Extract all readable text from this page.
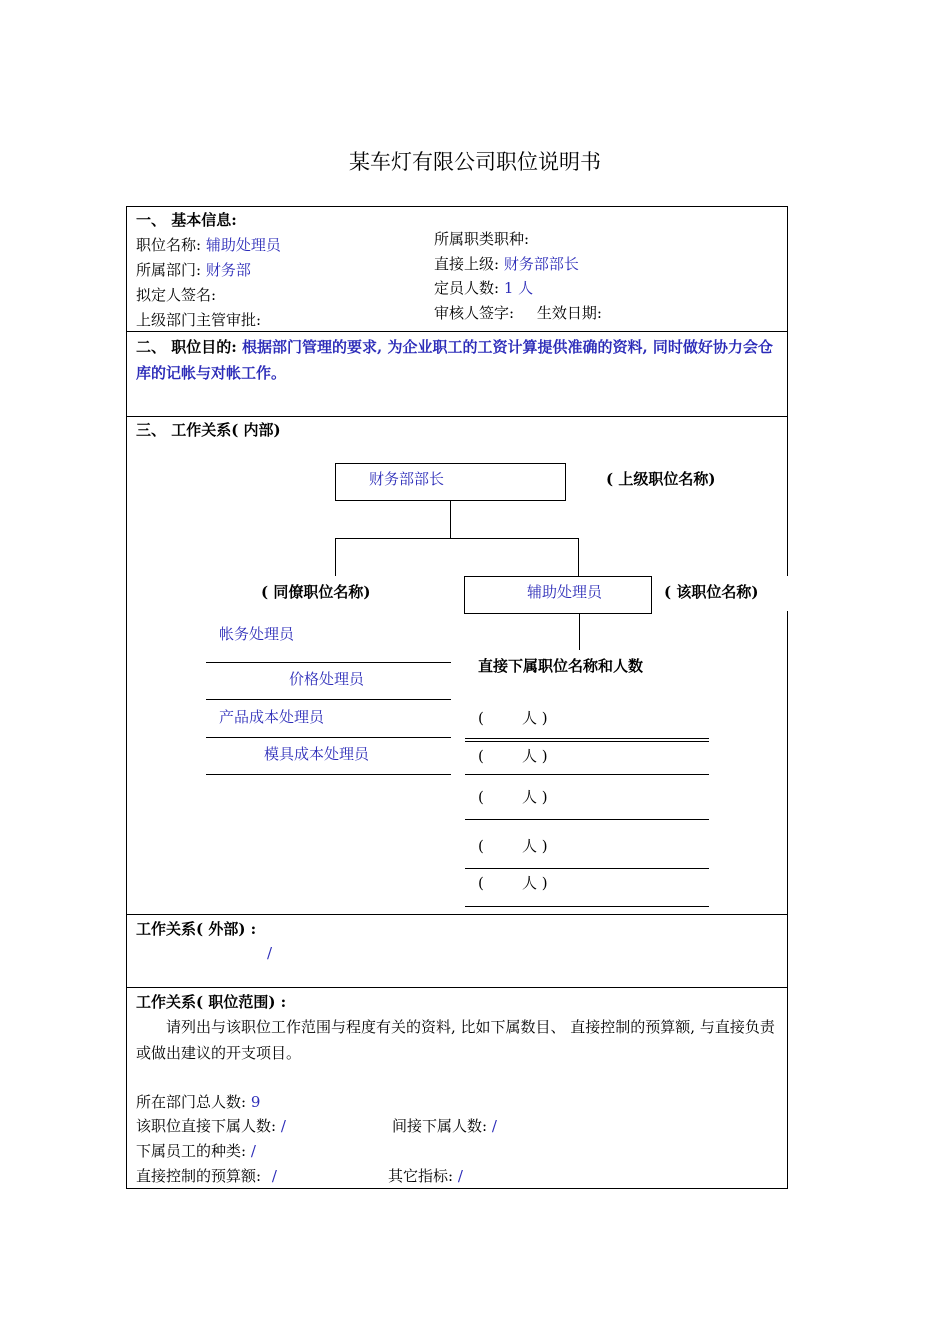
某车灯有限公司职位说明书
一、 基本信息:
职位名称: 辅助处理员	所属职类职种:
所属部门: 财务部	直接上级: 财务部部长
拟定人签名:	定员人数: 1 人
上级部门主管审批:	审核人签字: 生效日期:
二、 职位目的: 根据部门管理的要求, 为企业职工的工资计算提供准确的资料, 同时做好协力会仓库的记帐与对帐工作。
三、 工作关系( 内部)
财务部部长	( 上级职位名称)
( 同僚职位名称)	辅助处理员	( 该职位名称)
帐务处理员
价格处理员
产品成本处理员
模具成本处理员
直接下属职位名称和人数
(        人 )
(        人 )
(        人 )
(        人 )
(        人 )
工作关系( 外部) :
/
工作关系( 职位范围) :
请列出与该职位工作范围与程度有关的资料, 比如下属数目、 直接控制的预算额, 与直接负责或做出建议的开支项目。
所在部门总人数: 9
该职位直接下属人数: /	间接下属人数: /
下属员工的种类: /
直接控制的预算额: /	其它指标: /
